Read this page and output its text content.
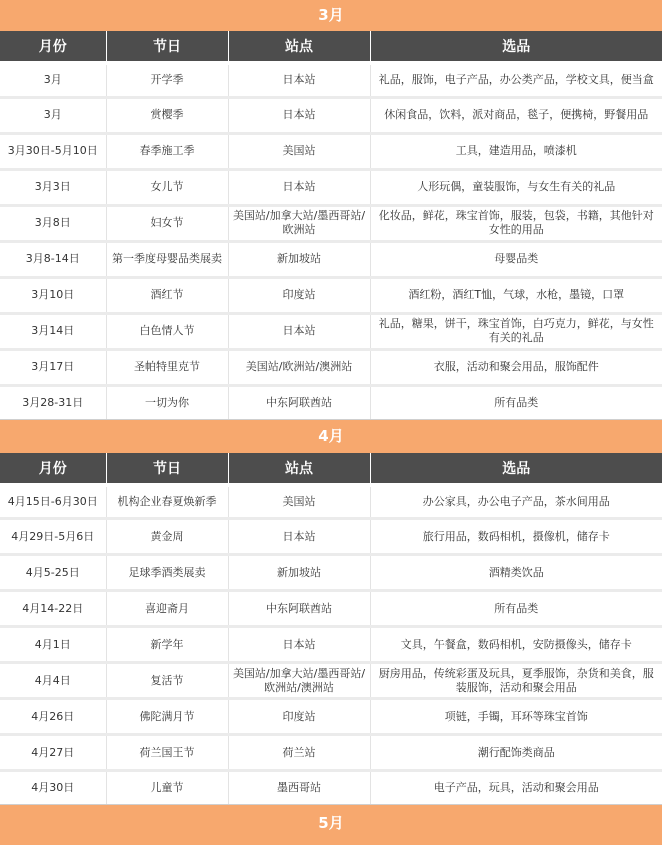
3月
月份	节日	站点	选品

3月	开学季	日本站	礼品，服饰，电子产品，办公类产品，学校文具，便当盒
3月	赏樱季	日本站	休闲食品，饮料，派对商品，毯子，便携椅，野餐用品
3月30日-5月10日	春季施工季	美国站	工具，建造用品，喷漆机
3月3日	女儿节	日本站	人形玩偶，童装服饰，与女生有关的礼品
3月8日	妇女节	美国站/加拿大站/墨西哥站/欧洲站	化妆品，鲜花，珠宝首饰，服装，包袋，书籍，其他针对女性的用品
3月8-14日	第一季度母婴品类展卖	新加坡站	母婴品类
3月10日	酒红节	印度站	酒红粉，酒红T恤，气球，水枪，墨镜，口罩
3月14日	白色情人节	日本站	礼品，糖果，饼干，珠宝首饰，白巧克力，鲜花，与女性有关的礼品
3月17日	圣帕特里克节	美国站/欧洲站/澳洲站	衣服，活动和聚会用品，服饰配件
3月28-31日	一切为你	中东阿联酋站	所有品类
4月
月份	节日	站点	选品

4月15日-6月30日	机构企业春夏焕新季	美国站	办公家具，办公电子产品，茶水间用品
4月29日-5月6日	黄金周	日本站	旅行用品，数码相机，摄像机，储存卡
4月5-25日	足球季酒类展卖	新加坡站	酒精类饮品
4月14-22日	喜迎斋月	中东阿联酋站	所有品类
4月1日	新学年	日本站	文具，午餐盒，数码相机，安防摄像头，储存卡
4月4日	复活节	美国站/加拿大站/墨西哥站/欧洲站/澳洲站	厨房用品，传统彩蛋及玩具，夏季服饰，杂货和美食，服装服饰，活动和聚会用品
4月26日	佛陀满月节	印度站	项链，手镯，耳环等珠宝首饰
4月27日	荷兰国王节	荷兰站	潮行配饰类商品
4月30日	儿童节	墨西哥站	电子产品，玩具，活动和聚会用品
5月
